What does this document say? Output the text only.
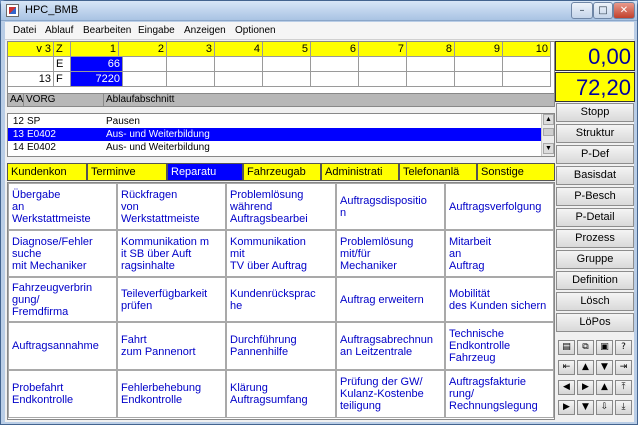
HPC_BMB	–	□	✕
Datei Ablauf Bearbeiten Eingabe Anzeigen Optionen
v 3 Z	1	2	3	4	5	6	7	8	9	10
E	66
13 F	7220
0,00
72,20
AA VORG	Ablaufabschnitt
12 SP	Pausen
13 E0402	Aus- und Weiterbildung
14 E0402	Aus- und Weiterbildung
▲
▼
Kundenkon	Terminve	Reparatu	Fahrzeugab	Administrati	Telefonanlä	Sonstige
Übergabe
an
Werkstattmeiste
Rückfragen
von
Werkstattmeiste
Problemlösung
während
Auftragsbearbei
Auftragsdispositio
n	Auftragsverfolgung
Diagnose/Fehler
suche
mit Mechaniker
Kommunikation m
it SB über Auft
ragsinhalte
Kommunikation
mit
TV über Auftrag
Problemlösung
mit/für
Mechaniker
Mitarbeit
an
Auftrag
Fahrzeugverbrin
gung/
Fremdfirma
Teileverfügbarkeit
prüfen
Kundenrücksprac
he	Auftrag erweitern	Mobilität
des Kunden sichern
Auftragsannahme	Fahrt
zum Pannenort
Durchführung
Pannenhilfe
Auftragsabrechnun
an Leitzentrale
Technische
Endkontrolle
Fahrzeug
Probefahrt
Endkontrolle
Fehlerbehebung
Endkontrolle
Klärung
Auftragsumfang
Prüfung der GW/
Kulanz-Kostenbe
teiligung
Auftragsfakturie
rung/
Rechnungslegung
Stopp
Struktur
P-Def
Basisdat
P-Besch
P-Detail
Prozess
Gruppe
Definition
Lösch
LöPos
▤	⧉	▣	?
⇤	▲	▼	⇥
◀	▶	▲	⤒
▶	▼	⇩	⤓
